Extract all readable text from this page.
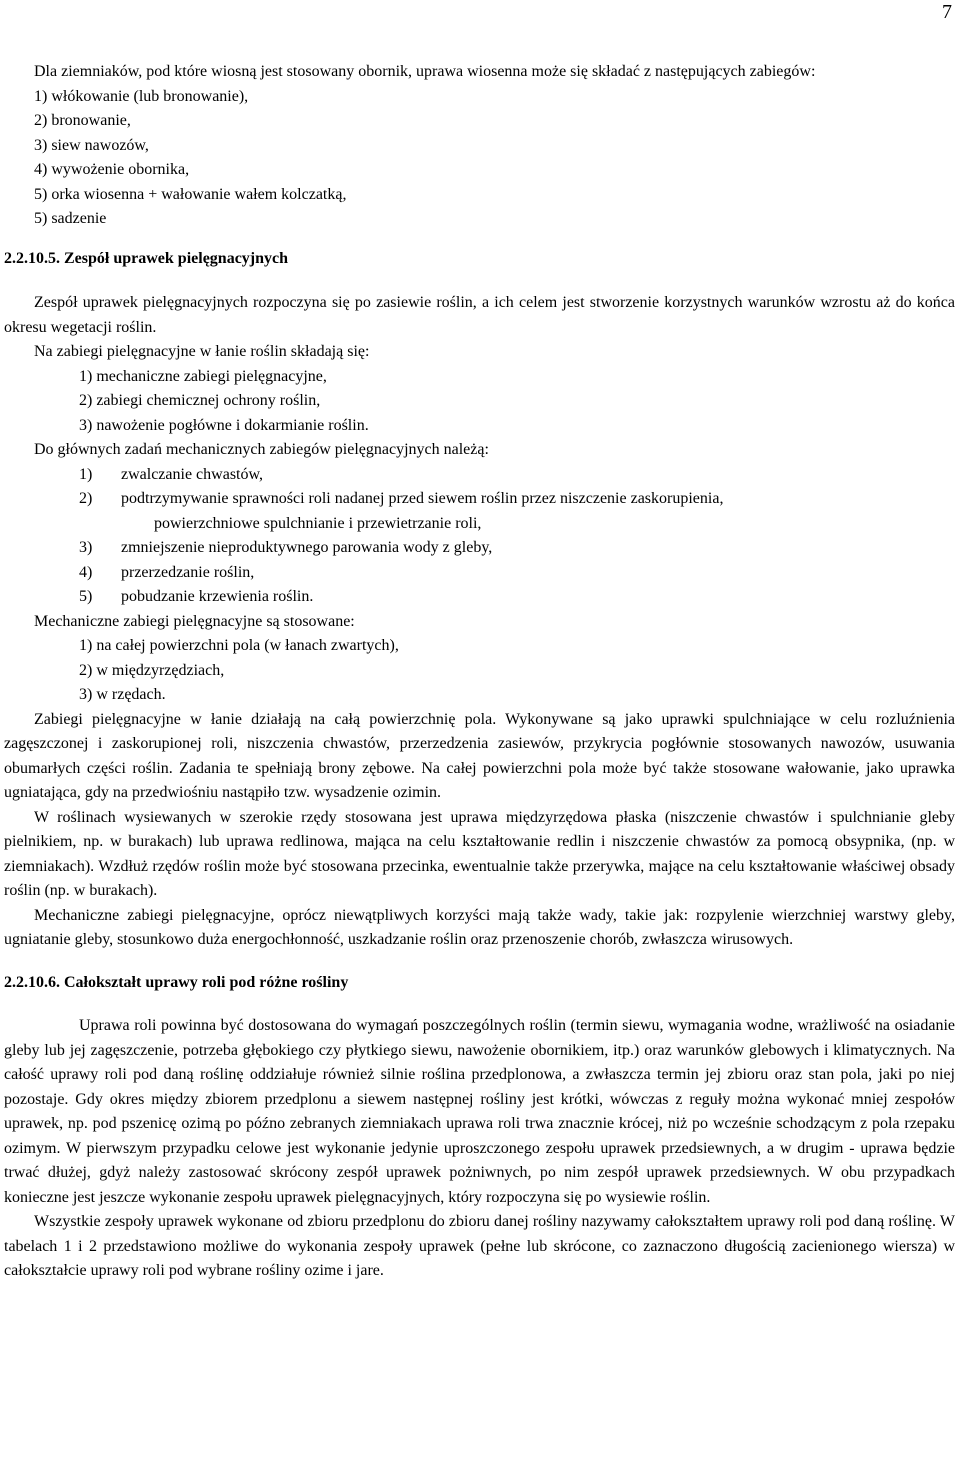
7

Dla ziemniaków, pod które wiosną jest stosowany obornik, uprawa wiosenna może się składać z następujących zabiegów:

1) włókowanie (lub bronowanie),
2) bronowanie,
3) siew nawozów,
4) wywożenie obornika,
5) orka wiosenna + wałowanie wałem kolczatką,
5) sadzenie
2.2.10.5. Zespół uprawek pielęgnacyjnych

Zespół uprawek pielęgnacyjnych rozpoczyna się po zasiewie roślin, a ich celem jest stworzenie korzystnych warunków wzrostu aż do końca okresu wegetacji roślin.

Na zabiegi pielęgnacyjne w łanie roślin składają się:

1) mechaniczne zabiegi pielęgnacyjne,
2) zabiegi chemicznej ochrony roślin,
3) nawożenie pogłówne i dokarmianie roślin.

Do głównych zadań mechanicznych zabiegów pielęgnacyjnych należą:

1) zwalczanie chwastów,
2) podtrzymywanie sprawności roli nadanej przed siewem roślin przez niszczenie zaskorupienia,
powierzchniowe spulchnianie i przewietrzanie roli,
3) zmniejszenie nieproduktywnego parowania wody z gleby,
4) przerzedzanie roślin,
5) pobudzanie krzewienia roślin.

Mechaniczne zabiegi pielęgnacyjne są stosowane:

1) na całej powierzchni pola (w łanach zwartych),
2) w międzyrzędziach,
3) w rzędach.

Zabiegi pielęgnacyjne w łanie działają na całą powierzchnię pola. Wykonywane są jako uprawki spulchniające w celu rozluźnienia zagęszczonej i zaskorupionej roli, niszczenia chwastów, przerzedzenia zasiewów, przykrycia pogłównie stosowanych nawozów, usuwania obumarłych części roślin. Zadania te spełniają brony zębowe. Na całej powierzchni pola może być także stosowane wałowanie, jako uprawka ugniatająca, gdy na przedwiośniu nastąpiło tzw. wysadzenie ozimin.

W roślinach wysiewanych w szerokie rzędy stosowana jest uprawa międzyrzędowa płaska (niszczenie chwastów i spulchnianie gleby pielnikiem, np. w burakach) lub uprawa redlinowa, mająca na celu kształtowanie redlin i niszczenie chwastów za pomocą obsypnika, (np. w ziemniakach). Wzdłuż rzędów roślin może być stosowana przecinka, ewentualnie także przerywka, mające na celu kształtowanie właściwej obsady roślin (np. w burakach).

Mechaniczne zabiegi pielęgnacyjne, oprócz niewątpliwych korzyści mają także wady, takie jak: rozpylenie wierzchniej warstwy gleby, ugniatanie gleby, stosunkowo duża energochłonność, uszkadzanie roślin oraz przenoszenie chorób, zwłaszcza wirusowych.

2.2.10.6. Całokształt uprawy roli pod różne rośliny

Uprawa roli powinna być dostosowana do wymagań poszczególnych roślin (termin siewu, wymagania wodne, wrażliwość na osiadanie gleby lub jej zagęszczenie, potrzeba głębokiego czy płytkiego siewu, nawożenie obornikiem, itp.) oraz warunków glebowych i klimatycznych. Na całość uprawy roli pod daną roślinę oddziałuje również silnie roślina przedplonowa, a zwłaszcza termin jej zbioru oraz stan pola, jaki po niej pozostaje. Gdy okres między zbiorem przedplonu a siewem następnej rośliny jest krótki, wówczas z reguły można wykonać mniej zespołów uprawek, np. pod pszenicę ozimą po późno zebranych ziemniakach uprawa roli trwa znacznie krócej, niż po wcześnie schodzącym z pola rzepaku ozimym. W pierwszym przypadku celowe jest wykonanie jedynie uproszczonego zespołu uprawek przedsiewnych, a w drugim - uprawa będzie trwać dłużej, gdyż należy zastosować skrócony zespół uprawek pożniwnych, po nim zespół uprawek przedsiewnych. W obu przypadkach konieczne jest jeszcze wykonanie zespołu uprawek pielęgnacyjnych, który rozpoczyna się po wysiewie roślin.

Wszystkie zespoły uprawek wykonane od zbioru przedplonu do zbioru danej rośliny nazywamy całokształtem uprawy roli pod daną roślinę. W tabelach 1 i 2 przedstawiono możliwe do wykonania zespoły uprawek (pełne lub skrócone, co zaznaczono długością zacienionego wiersza) w całokształcie uprawy roli pod wybrane rośliny ozime i jare.
